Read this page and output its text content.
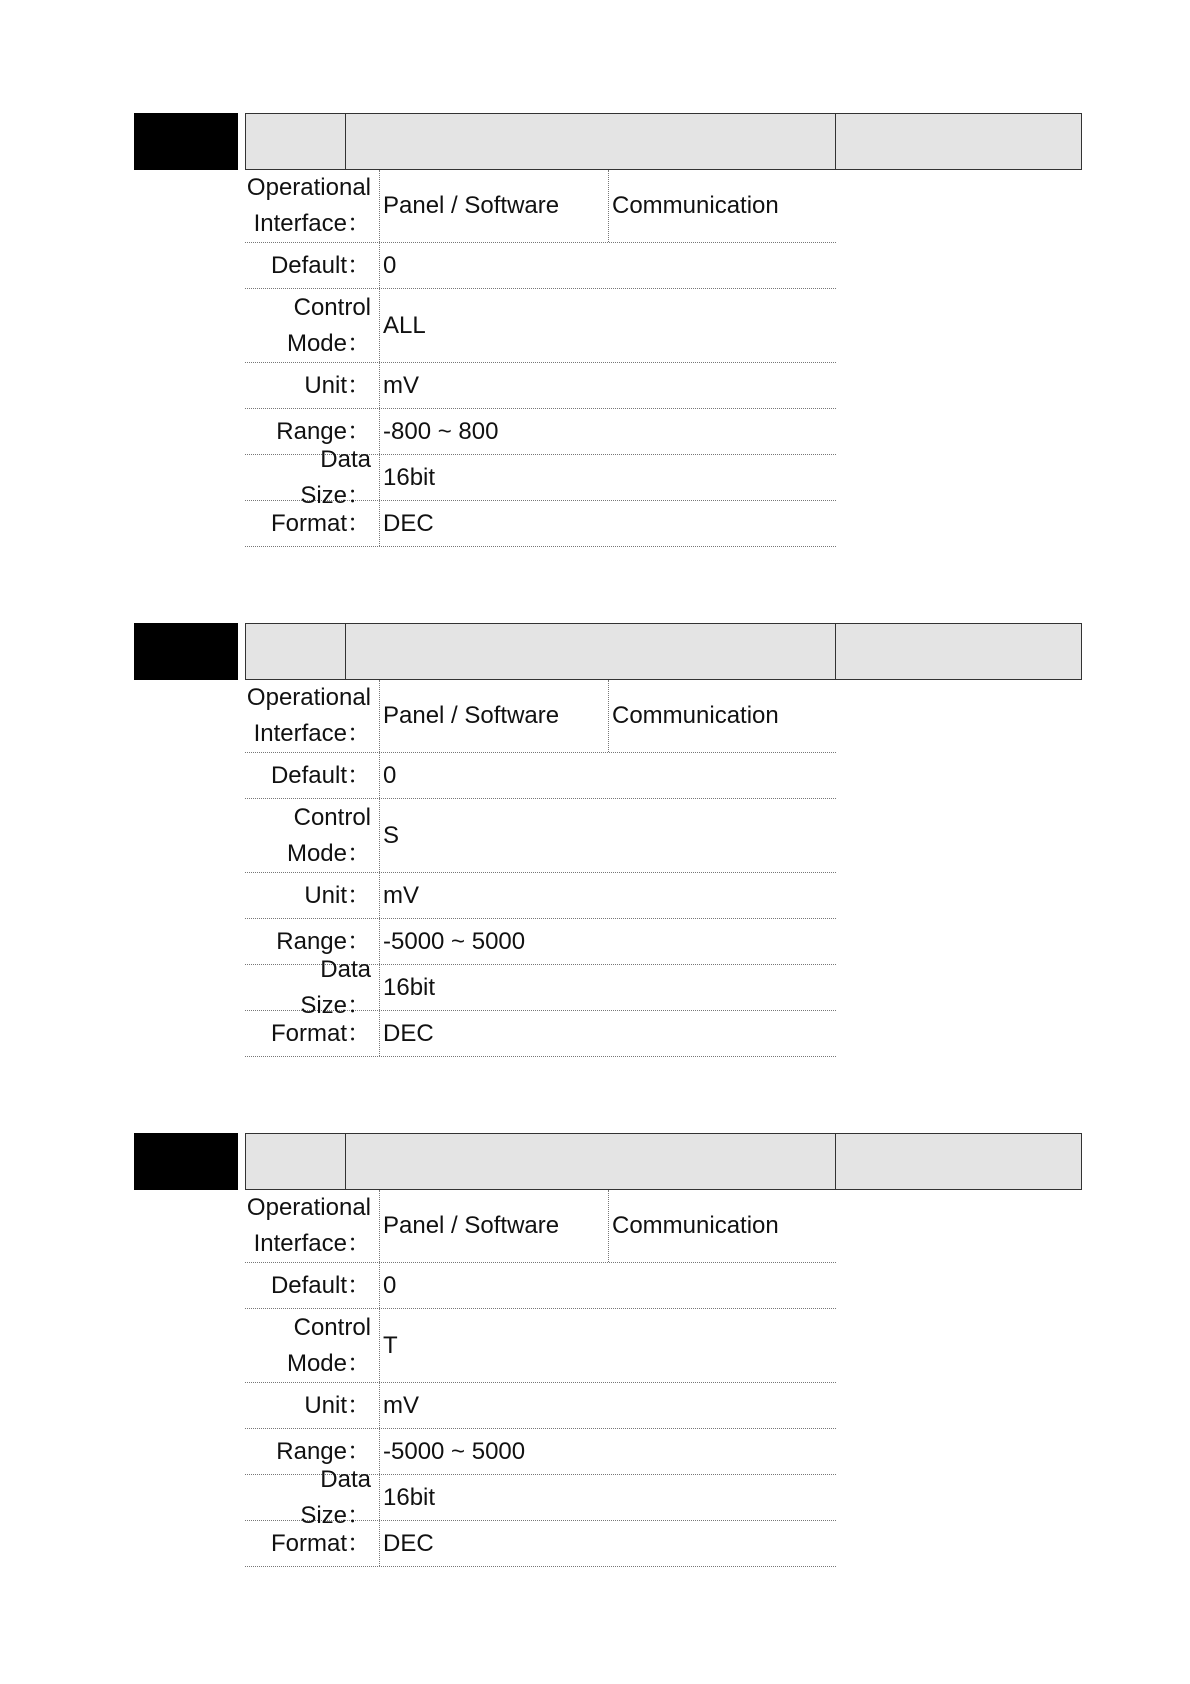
Operational
Interface：
Panel / Software	Communication
Default： 0
Control
Mode：
ALL
Unit： mV
Range： -800 ~ 800
Data Size：
16bit
Format： DEC
Operational
Interface：
Panel / Software	Communication
Default： 0
Control
Mode：
S
Unit： mV
Range： -5000 ~ 5000
Data Size：
16bit
Format： DEC
Operational
Interface：
Panel / Software	Communication
Default： 0
Control
Mode：
T
Unit： mV
Range： -5000 ~ 5000
Data Size：
16bit
Format： DEC
